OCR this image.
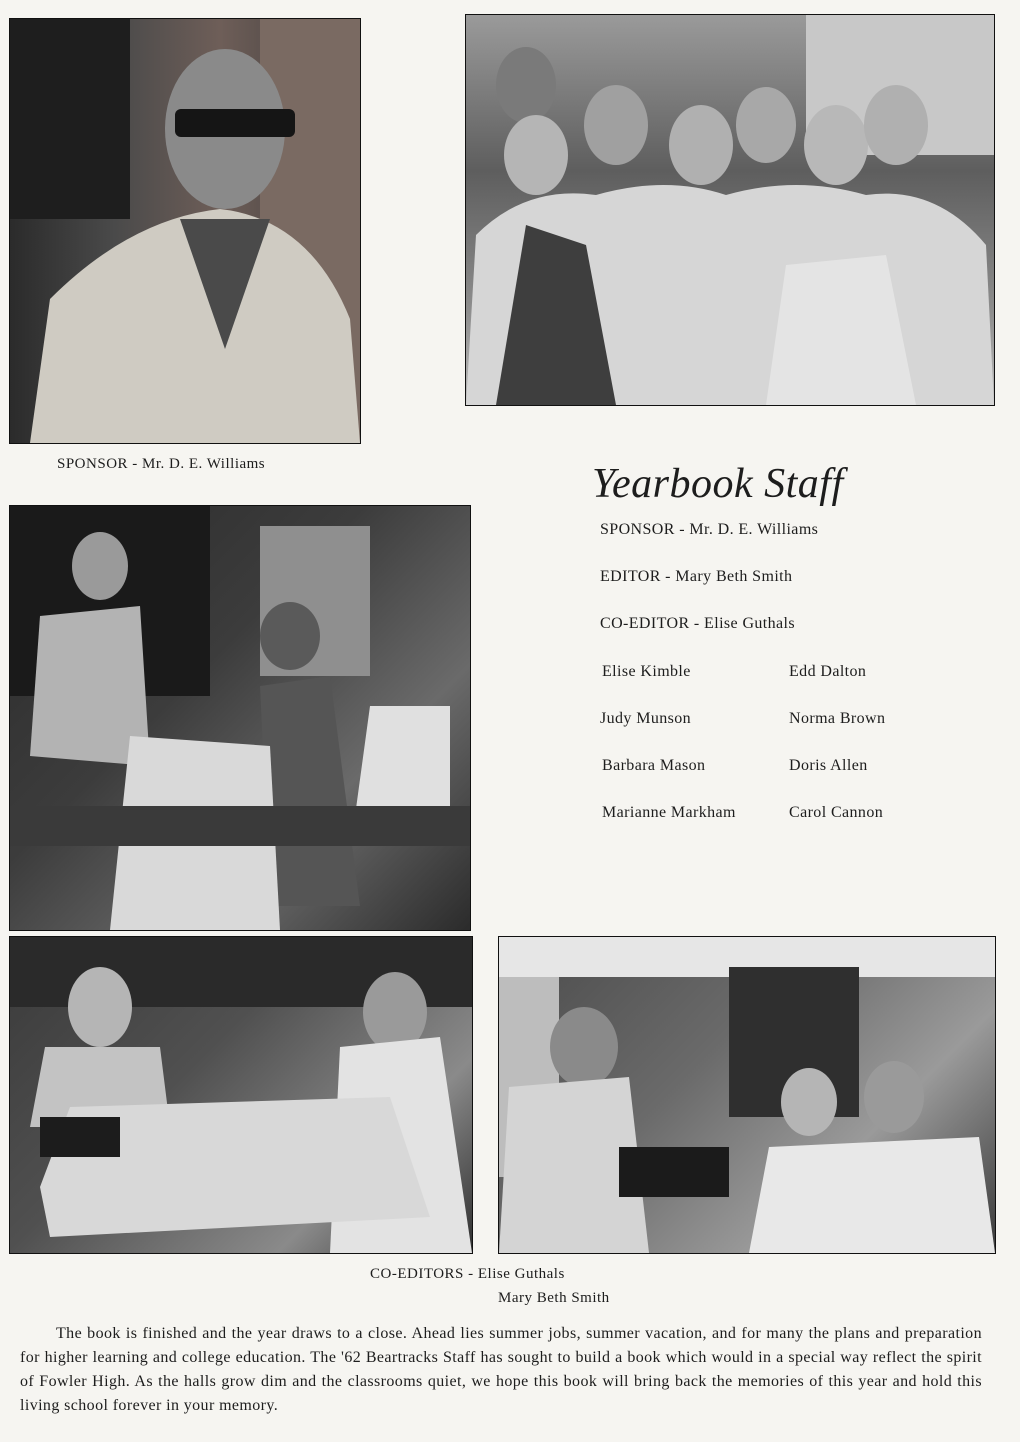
SPONSOR - Mr. D. E. Williams	Yearbook Staff
SPONSOR - Mr. D. E. Williams
EDITOR - Mary Beth Smith
CO-EDITOR - Elise Guthals
Elise Kimble
Judy Munson
Barbara Mason
Marianne Markham
Edd Dalton
Norma Brown
Doris Allen
Carol Cannon
CO-EDITORS - Elise Guthals
Mary Beth Smith
The book is finished and the year draws to a close. Ahead lies summer jobs, summer vacation, and for many the plans and preparation for higher learning and college education. The '62 Beartracks Staff has sought to build a book which would in a special way reflect the spirit of Fowler High. As the halls grow dim and the classrooms quiet, we hope this book will bring back the memories of this year and hold this living school forever in your memory.
